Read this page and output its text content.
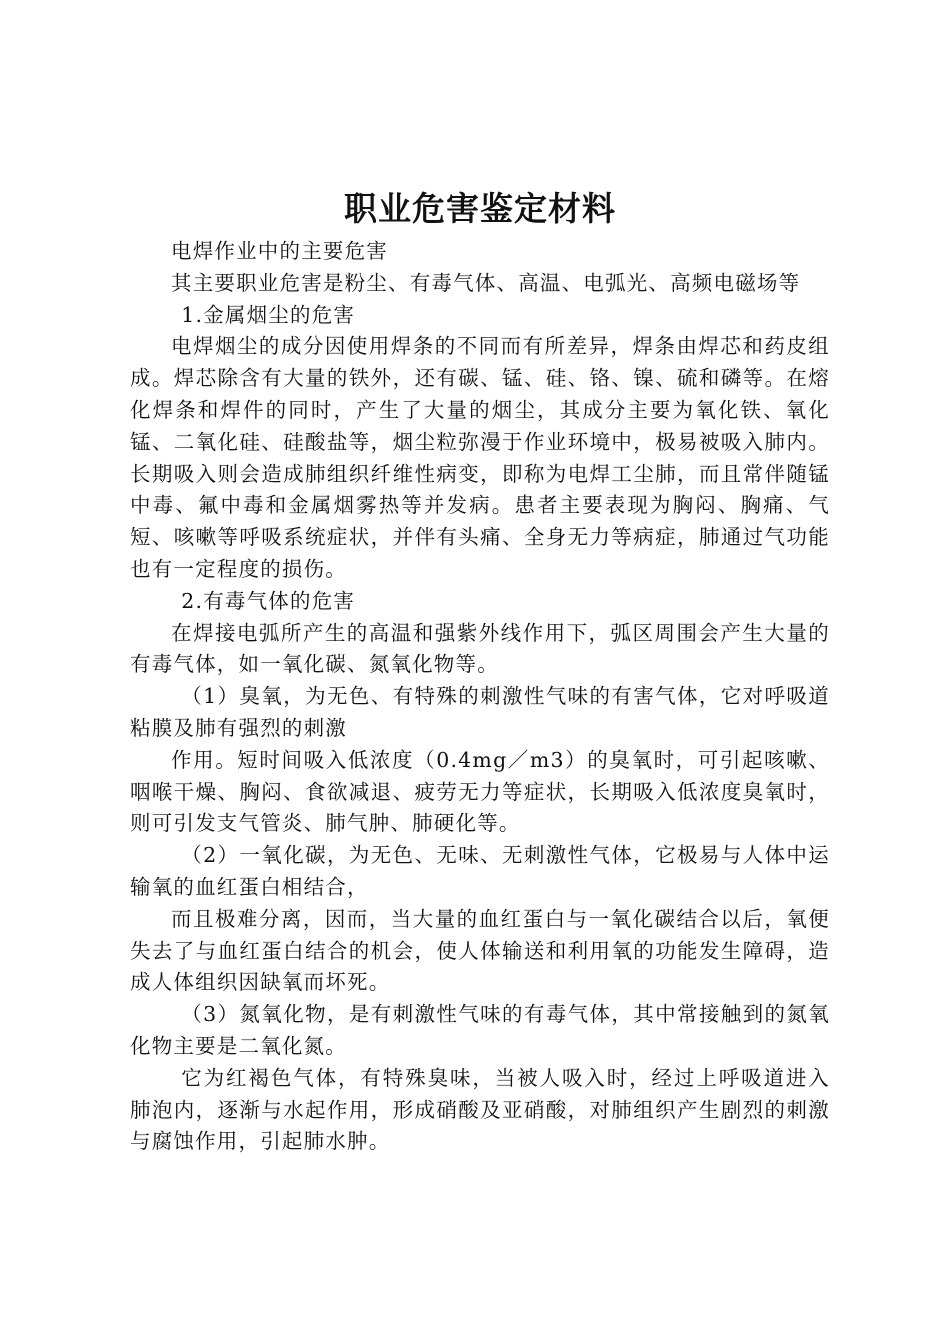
职业危害鉴定材料

电焊作业中的主要危害

其主要职业危害是粉尘、有毒气体、高温、电弧光、高频电磁场等

1.金属烟尘的危害

电焊烟尘的成分因使用焊条的不同而有所差异，焊条由焊芯和药皮组成。焊芯除含有大量的铁外，还有碳、锰、硅、铬、镍、硫和磷等。在熔化焊条和焊件的同时，产生了大量的烟尘，其成分主要为氧化铁、氧化锰、二氧化硅、硅酸盐等，烟尘粒弥漫于作业环境中，极易被吸入肺内。长期吸入则会造成肺组织纤维性病变，即称为电焊工尘肺，而且常伴随锰中毒、氟中毒和金属烟雾热等并发病。患者主要表现为胸闷、胸痛、气短、咳嗽等呼吸系统症状，并伴有头痛、全身无力等病症，肺通过气功能也有一定程度的损伤。

2.有毒气体的危害

在焊接电弧所产生的高温和强紫外线作用下，弧区周围会产生大量的有毒气体，如一氧化碳、氮氧化物等。

（1）臭氧，为无色、有特殊的刺激性气味的有害气体，它对呼吸道粘膜及肺有强烈的刺激

作用。短时间吸入低浓度（0.4mg／m3）的臭氧时，可引起咳嗽、咽喉干燥、胸闷、食欲减退、疲劳无力等症状，长期吸入低浓度臭氧时，则可引发支气管炎、肺气肿、肺硬化等。

（2）一氧化碳，为无色、无味、无刺激性气体，它极易与人体中运输氧的血红蛋白相结合，

而且极难分离，因而，当大量的血红蛋白与一氧化碳结合以后，氧便失去了与血红蛋白结合的机会，使人体输送和利用氧的功能发生障碍，造成人体组织因缺氧而坏死。

（3）氮氧化物，是有刺激性气味的有毒气体，其中常接触到的氮氧化物主要是二氧化氮。

它为红褐色气体，有特殊臭味，当被人吸入时，经过上呼吸道进入肺泡内，逐渐与水起作用，形成硝酸及亚硝酸，对肺组织产生剧烈的刺激与腐蚀作用，引起肺水肿。
